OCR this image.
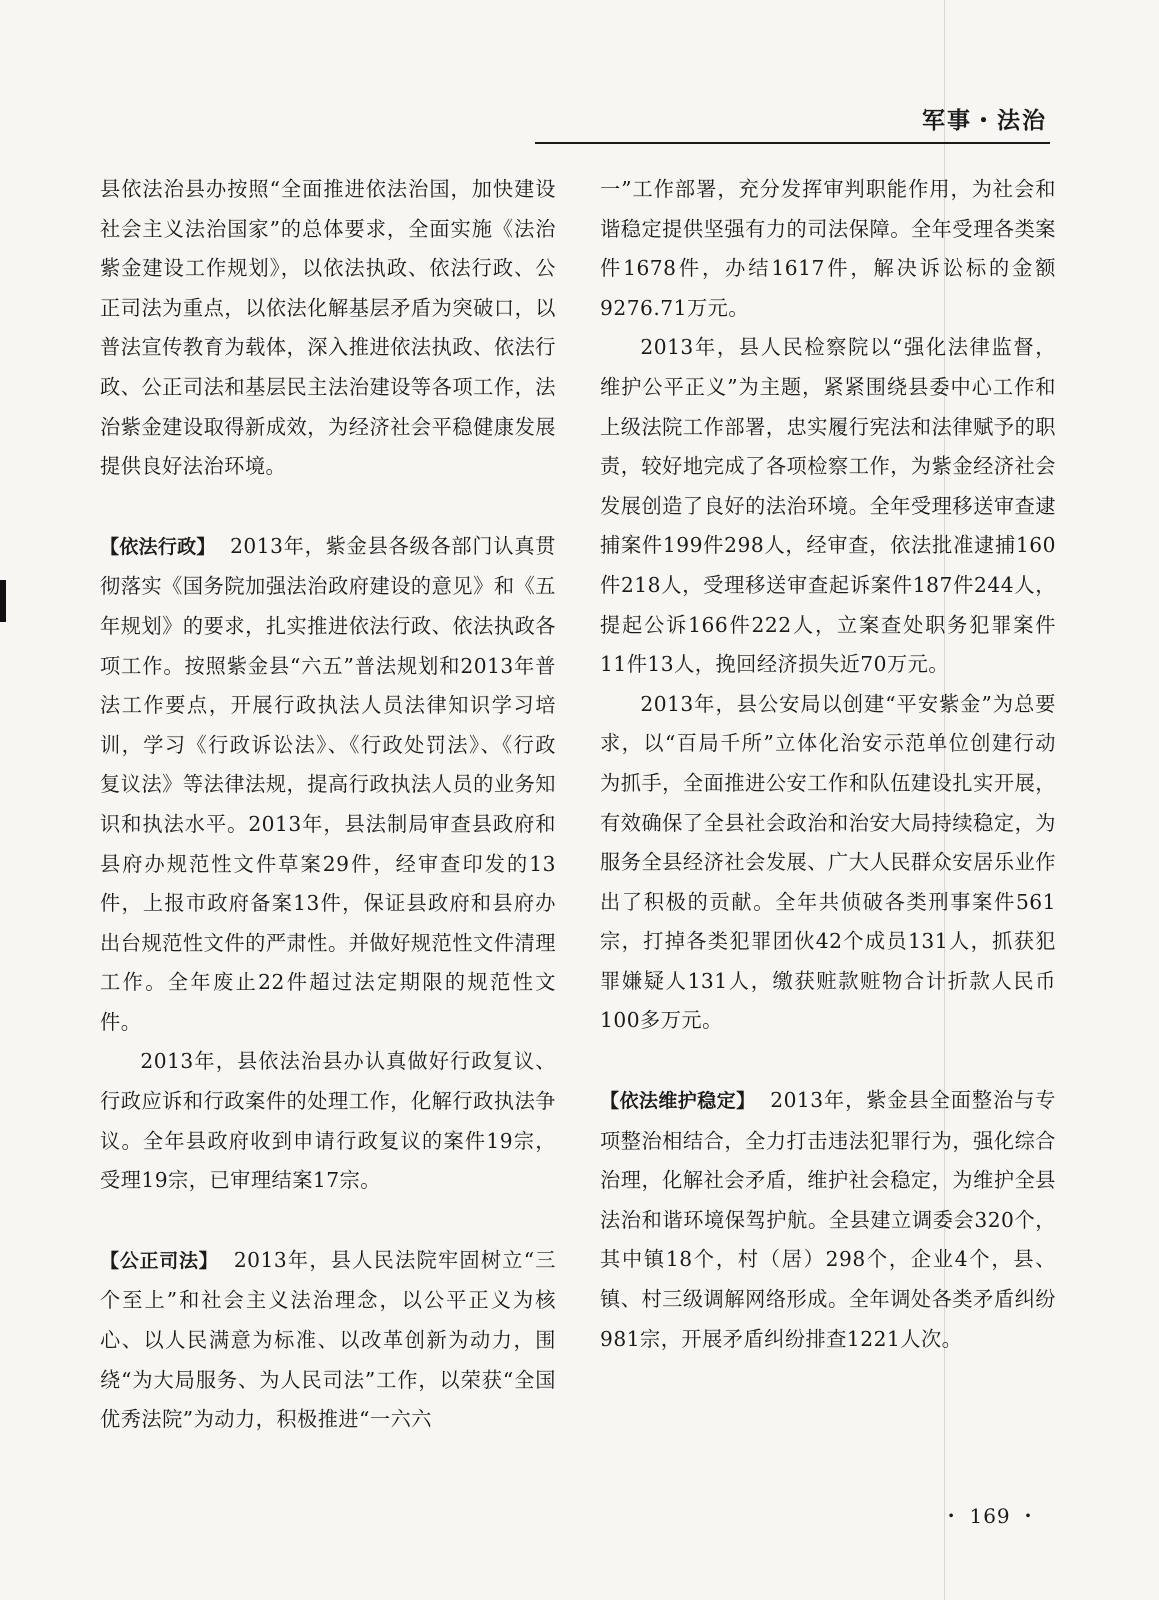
军事・法治

县依法治县办按照“全面推进依法治国，加快建设社会主义法治国家”的总体要求，全面实施《法治紫金建设工作规划》，以依法执政、依法行政、公正司法为重点，以依法化解基层矛盾为突破口，以普法宣传教育为载体，深入推进依法执政、依法行政、公正司法和基层民主法治建设等各项工作，法治紫金建设取得新成效，为经济社会平稳健康发展提供良好法治环境。

【依法行政】 2013年，紫金县各级各部门认真贯彻落实《国务院加强法治政府建设的意见》和《五年规划》的要求，扎实推进依法行政、依法执政各项工作。按照紫金县“六五”普法规划和2013年普法工作要点，开展行政执法人员法律知识学习培训，学习《行政诉讼法》、《行政处罚法》、《行政复议法》等法律法规，提高行政执法人员的业务知识和执法水平。2013年，县法制局审查县政府和县府办规范性文件草案29件，经审查印发的13件，上报市政府备案13件，保证县政府和县府办出台规范性文件的严肃性。并做好规范性文件清理工作。全年废止22件超过法定期限的规范性文件。

2013年，县依法治县办认真做好行政复议、行政应诉和行政案件的处理工作，化解行政执法争议。全年县政府收到申请行政复议的案件19宗，受理19宗，已审理结案17宗。

【公正司法】 2013年，县人民法院牢固树立“三个至上”和社会主义法治理念，以公平正义为核心、以人民满意为标准、以改革创新为动力，围绕“为大局服务、为人民司法”工作，以荣获“全国优秀法院”为动力，积极推进“一六六

一”工作部署，充分发挥审判职能作用，为社会和谐稳定提供坚强有力的司法保障。全年受理各类案件1678件，办结1617件，解决诉讼标的金额9276.71万元。

2013年，县人民检察院以“强化法律监督，维护公平正义”为主题，紧紧围绕县委中心工作和上级法院工作部署，忠实履行宪法和法律赋予的职责，较好地完成了各项检察工作，为紫金经济社会发展创造了良好的法治环境。全年受理移送审查逮捕案件199件298人，经审查，依法批准逮捕160件218人，受理移送审查起诉案件187件244人，提起公诉166件222人，立案查处职务犯罪案件11件13人，挽回经济损失近70万元。

2013年，县公安局以创建“平安紫金”为总要求，以“百局千所”立体化治安示范单位创建行动为抓手，全面推进公安工作和队伍建设扎实开展，有效确保了全县社会政治和治安大局持续稳定，为服务全县经济社会发展、广大人民群众安居乐业作出了积极的贡献。全年共侦破各类刑事案件561宗，打掉各类犯罪团伙42个成员131人，抓获犯罪嫌疑人131人，缴获赃款赃物合计折款人民币100多万元。

【依法维护稳定】 2013年，紫金县全面整治与专项整治相结合，全力打击违法犯罪行为，强化综合治理，化解社会矛盾，维护社会稳定，为维护全县法治和谐环境保驾护航。全县建立调委会320个，其中镇18个，村（居）298个，企业4个，县、镇、村三级调解网络形成。全年调处各类矛盾纠纷981宗，开展矛盾纠纷排查1221人次。

・ 169 ・
